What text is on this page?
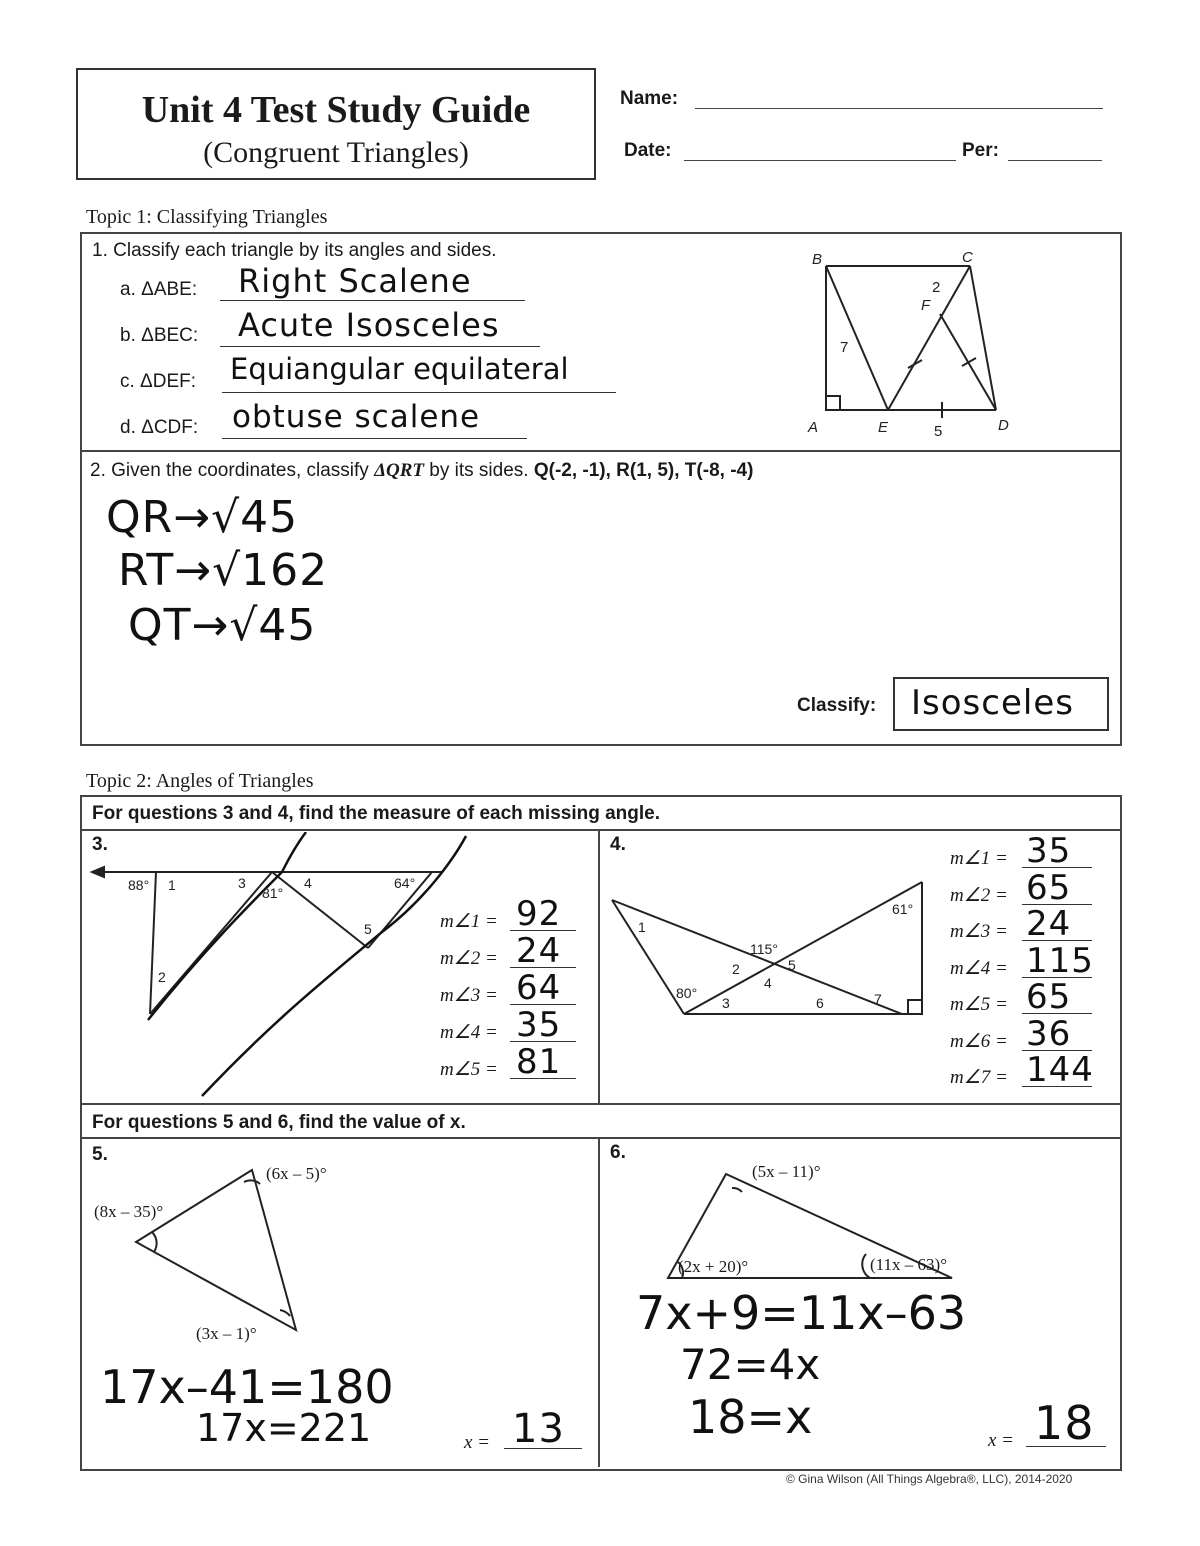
Unit 4 Test Study Guide
(Congruent Triangles)
Name:
Date:	Per:
Topic 1: Classifying Triangles
1. Classify each triangle by its angles and sides.
a. ΔABE: Right Scalene
b. ΔBEC: Acute Isosceles
c. ΔDEF: Equiangular equilateral
d. ΔCDF: obtuse scalene
B	C
A	E	D
F
2
7
5
2. Given the coordinates, classify ΔQRT by its sides. Q(-2, -1), R(1, 5), T(-8, -4)
QR→√45
RT→√162
QT→√45
Classify: Isosceles
Topic 2: Angles of Triangles
For questions 3 and 4, find the measure of each missing angle.
For questions 5 and 6, find the value of x.
3.
88° 1	3
81°
4	64°
5
2
m∠1 = 92
m∠2 = 24
m∠3 = 64
m∠4 = 35
m∠5 = 81
4.
1
61°
115°
2	5
4
80°
3	6	7
m∠1 = 35
m∠2 = 65
m∠3 = 24
m∠4 = 115
m∠5 = 65
m∠6 = 36
m∠7 = 144
5.
(6x – 5)°
(8x – 35)°
(3x – 1)°
17x–41=180
17x=221	x = 13
6.
(5x – 11)°
(2x + 20)°	(11x – 63)°
7x+9=11x–63
72=4x
18=x	x = 18
© Gina Wilson (All Things Algebra®, LLC), 2014-2020
